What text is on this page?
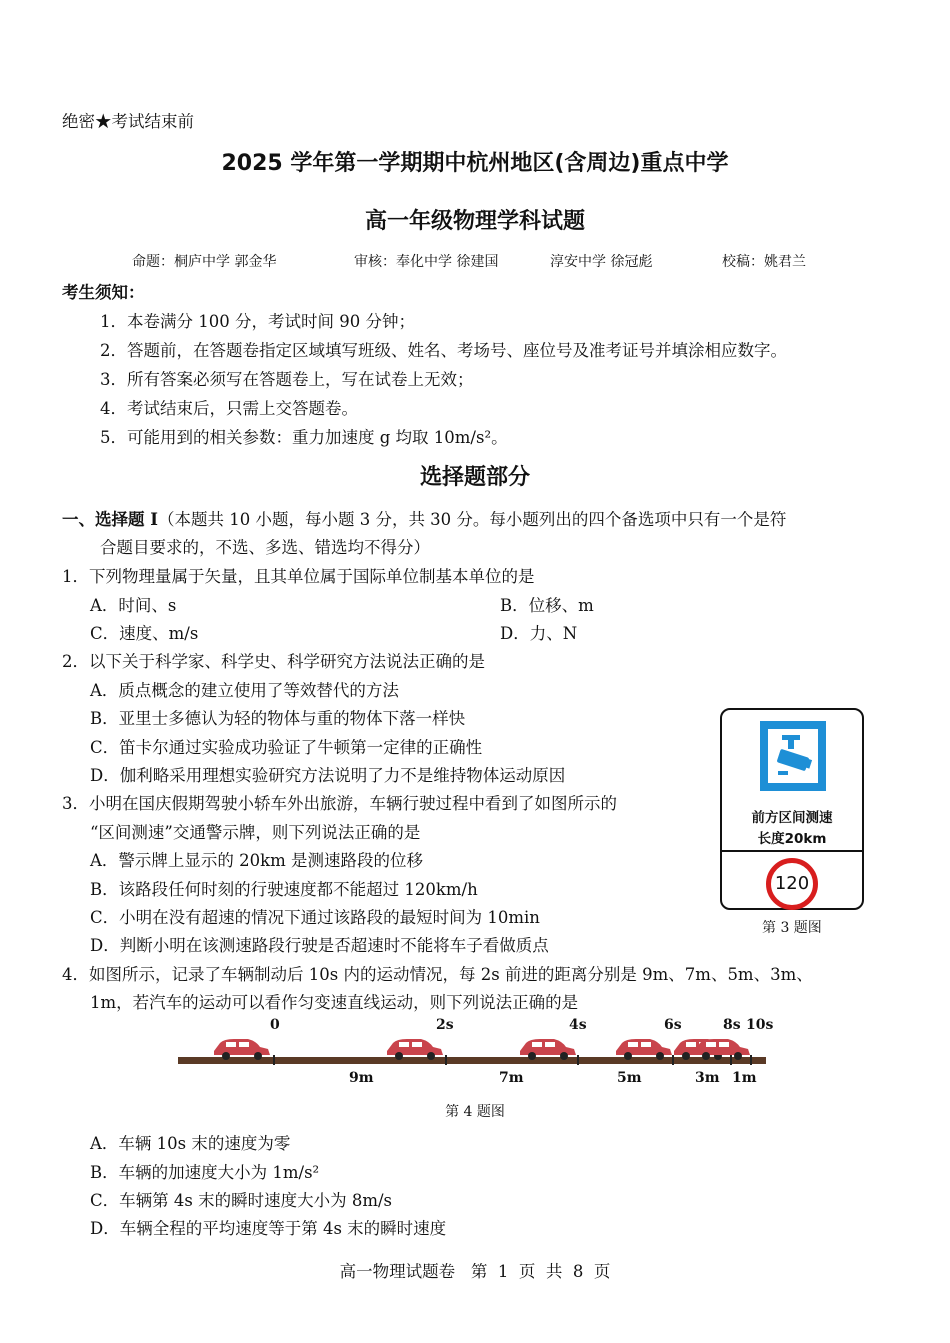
绝密★考试结束前
2025 学年第一学期期中杭州地区(含周边)重点中学
高一年级物理学科试题
命题：桐庐中学 郭金华	审核：奉化中学 徐建国	淳安中学 徐冠彪	校稿：姚君兰
考生须知：
1．本卷满分 100 分，考试时间 90 分钟；
2．答题前，在答题卷指定区域填写班级、姓名、考场号、座位号及准考证号并填涂相应数字。
3．所有答案必须写在答题卷上，写在试卷上无效；
4．考试结束后，只需上交答题卷。
5．可能用到的相关参数：重力加速度 g 均取 10m/s²。
选择题部分
一、选择题 I（本题共 10 小题，每小题 3 分，共 30 分。每小题列出的四个备选项中只有一个是符
合题目要求的，不选、多选、错选均不得分）
1．下列物理量属于矢量，且其单位属于国际单位制基本单位的是
A．时间、s	B．位移、m
C．速度、m/s	D．力、N
2．以下关于科学家、科学史、科学研究方法说法正确的是
A．质点概念的建立使用了等效替代的方法
B．亚里士多德认为轻的物体与重的物体下落一样快
C．笛卡尔通过实验成功验证了牛顿第一定律的正确性
D．伽利略采用理想实验研究方法说明了力不是维持物体运动原因
3．小明在国庆假期驾驶小轿车外出旅游，车辆行驶过程中看到了如图所示的
“区间测速”交通警示牌，则下列说法正确的是
A．警示牌上显示的 20km 是测速路段的位移
B．该路段任何时刻的行驶速度都不能超过 120km/h
C．小明在没有超速的情况下通过该路段的最短时间为 10min
D．判断小明在该测速路段行驶是否超速时不能将车子看做质点
前方区间测速
长度20km
120
第 3 题图
4．如图所示，记录了车辆制动后 10s 内的运动情况，每 2s 前进的距离分别是 9m、7m、5m、3m、
1m，若汽车的运动可以看作匀变速直线运动，则下列说法正确的是
0	2s	4s	6s	8s 10s
9m	7m	5m	3m 1m
第 4 题图
A．车辆 10s 末的速度为零
B．车辆的加速度大小为 1m/s²
C．车辆第 4s 末的瞬时速度大小为 8m/s
D．车辆全程的平均速度等于第 4s 末的瞬时速度
高一物理试题卷   第  1  页  共  8  页
